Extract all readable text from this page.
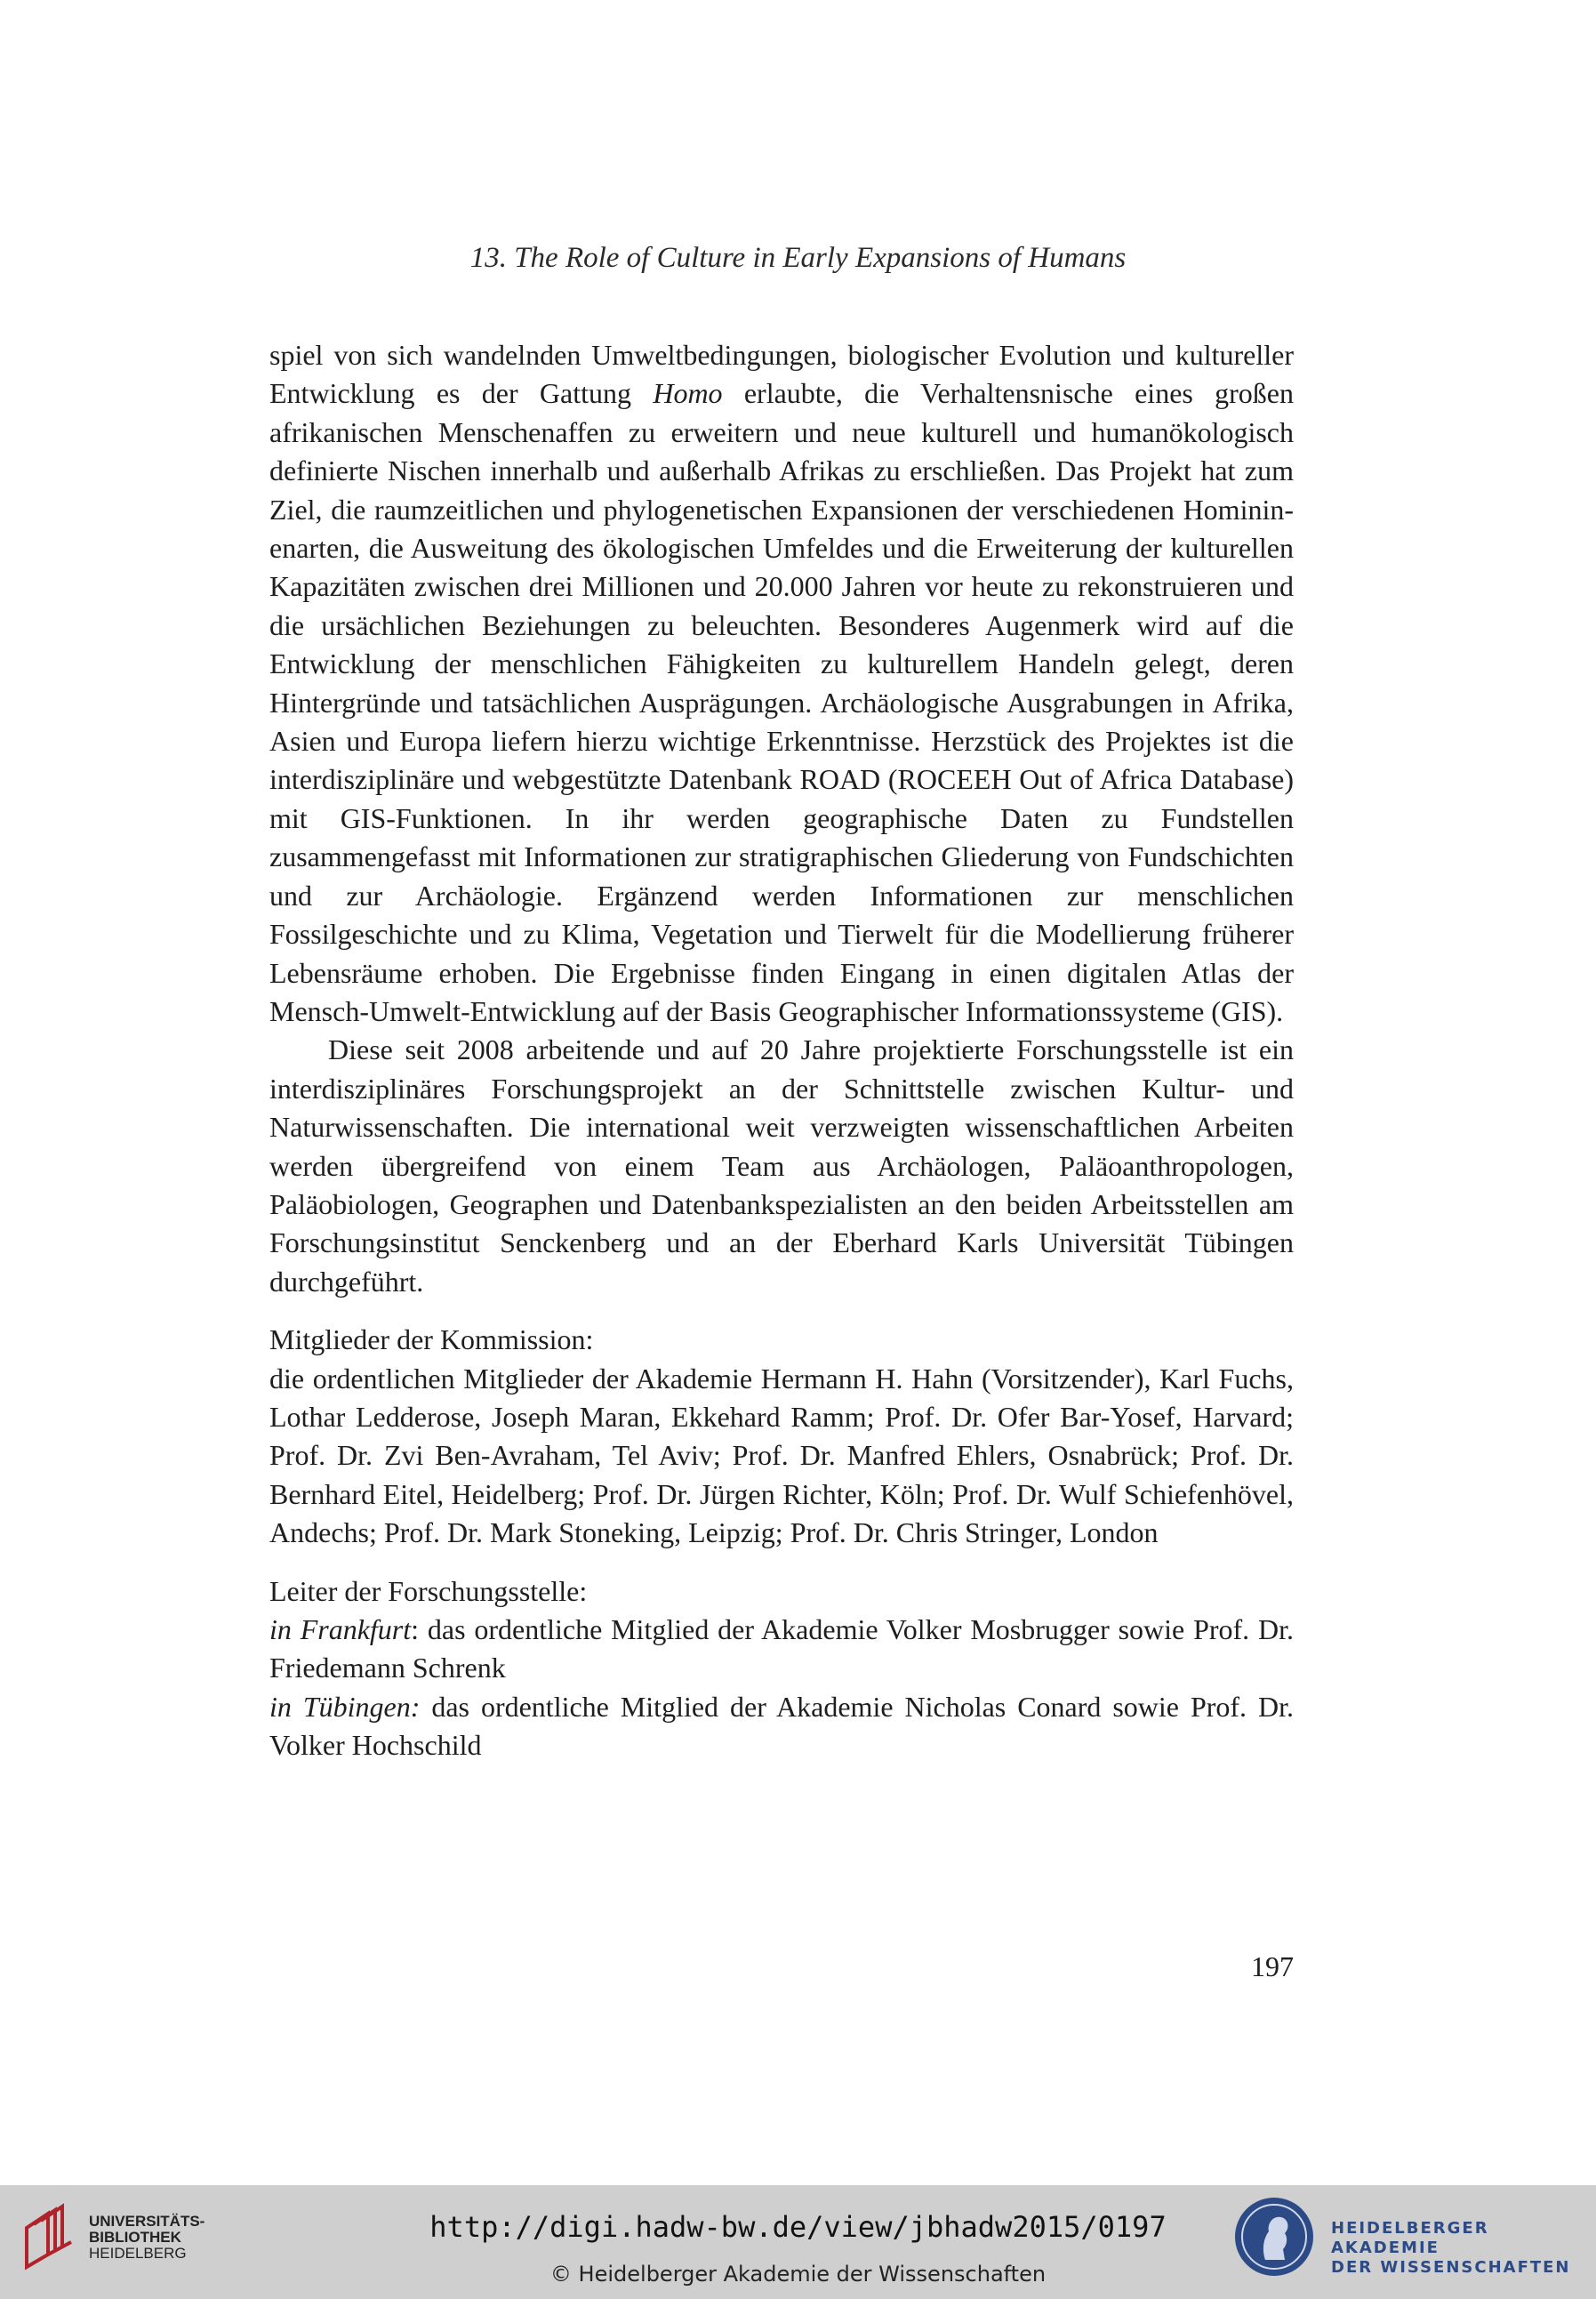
13. The Role of Culture in Early Expansions of Humans

spiel von sich wandelnden Umweltbedingungen, biologischer Evolution und kultureller Entwicklung es der Gattung Homo erlaubte, die Verhaltensnische eines großen afrikanischen Menschenaffen zu erweitern und neue kulturell und humanökologisch definierte Nischen innerhalb und außerhalb Afrikas zu erschließen. Das Projekt hat zum Ziel, die raumzeitlichen und phylogenetischen Expansionen der verschiedenen Homininenarten, die Ausweitung des ökologischen Umfeldes und die Erweiterung der kulturellen Kapazitäten zwischen drei Millionen und 20.000 Jahren vor heute zu rekonstruieren und die ursächlichen Beziehungen zu beleuchten. Besonderes Augenmerk wird auf die Entwicklung der menschlichen Fähigkeiten zu kulturellem Handeln gelegt, deren Hintergründe und tatsächlichen Ausprägungen. Archäologische Ausgrabungen in Afrika, Asien und Europa liefern hierzu wichtige Erkenntnisse. Herzstück des Projektes ist die interdisziplinäre und webgestützte Datenbank ROAD (ROCEEH Out of Africa Database) mit GIS-Funktionen. In ihr werden geographische Daten zu Fundstellen zusammengefasst mit Informationen zur stratigraphischen Gliederung von Fundschichten und zur Archäologie. Ergänzend werden Informationen zur menschlichen Fossilgeschichte und zu Klima, Vegetation und Tierwelt für die Modellierung früherer Lebensräume erhoben. Die Ergebnisse finden Eingang in einen digitalen Atlas der Mensch-Umwelt-Entwicklung auf der Basis Geographischer Informationssysteme (GIS).

Diese seit 2008 arbeitende und auf 20 Jahre projektierte Forschungsstelle ist ein interdisziplinäres Forschungsprojekt an der Schnittstelle zwischen Kultur- und Naturwissenschaften. Die international weit verzweigten wissenschaftlichen Arbeiten werden übergreifend von einem Team aus Archäologen, Paläoanthropologen, Paläobiologen, Geographen und Datenbankspezialisten an den beiden Arbeitsstellen am Forschungsinstitut Senckenberg und an der Eberhard Karls Universität Tübingen durchgeführt.

Mitglieder der Kommission:

die ordentlichen Mitglieder der Akademie Hermann H. Hahn (Vorsitzender), Karl Fuchs, Lothar Ledderose, Joseph Maran, Ekkehard Ramm; Prof. Dr. Ofer Bar-Yosef, Harvard; Prof. Dr. Zvi Ben-Avraham, Tel Aviv; Prof. Dr. Manfred Ehlers, Osnabrück; Prof. Dr. Bernhard Eitel, Heidelberg; Prof. Dr. Jürgen Richter, Köln; Prof. Dr. Wulf Schiefenhövel, Andechs; Prof. Dr. Mark Stoneking, Leipzig; Prof. Dr. Chris Stringer, London

Leiter der Forschungsstelle:

in Frankfurt: das ordentliche Mitglied der Akademie Volker Mosbrugger sowie Prof. Dr. Friedemann Schrenk

in Tübingen: das ordentliche Mitglied der Akademie Nicholas Conard sowie Prof. Dr. Volker Hochschild

197
UNIVERSITÄTS-
BIBLIOTHEK
HEIDELBERG
http://digi.hadw-bw.de/view/jbhadw2015/0197
© Heidelberger Akademie der Wissenschaften
HEIDELBERGER AKADEMIE
DER WISSENSCHAFTEN
